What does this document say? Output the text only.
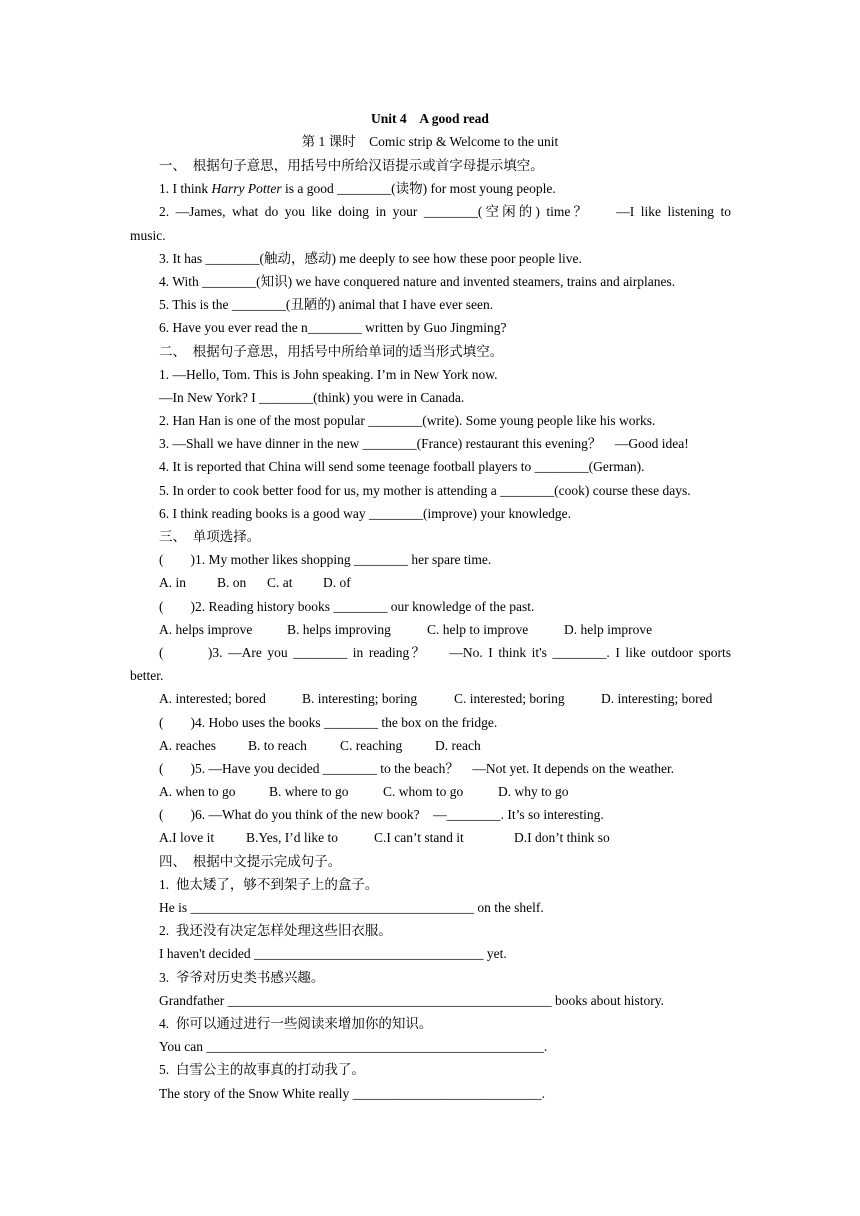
Unit 4    A good read
第 1 课时    Comic strip & Welcome to the unit
一、  根据句子意思，用括号中所给汉语提示或首字母提示填空。
1. I think Harry Potter is a good ________(读物) for most young people.
2. —James, what do you like doing in your ________(空闲的) time？    —I like listening to
music.
3. It has ________(触动，感动) me deeply to see how these poor people live.
4. With ________(知识) we have conquered nature and invented steamers, trains and airplanes.
5. This is the ________(丑陋的) animal that I have ever seen.
6. Have you ever read the n________ written by Guo Jingming?
二、  根据句子意思，用括号中所给单词的适当形式填空。
1. —Hello, Tom. This is John speaking. I’m in New York now.
—In New York? I ________(think) you were in Canada.
2. Han Han is one of the most popular ________(write). Some young people like his works.
3. —Shall we have dinner in the new ________(France) restaurant this evening？    —Good idea!
4. It is reported that China will send some teenage football players to ________(German).
5. In order to cook better food for us, my mother is attending a ________(cook) course these days.
6. I think reading books is a good way ________(improve) your knowledge.
三、  单项选择。
(        )1. My mother likes shopping ________ her spare time.
A. in	B. on	C. at	D. of
(        )2. Reading history books ________ our knowledge of the past.
A. helps improve	B. helps improving	C. help to improve	D. help improve
(        )3. —Are you ________ in reading？    —No. I think it's ________. I like outdoor sports
better.
A. interested; bored	B. interesting; boring	C. interested; boring	D. interesting; bored
(        )4. Hobo uses the books ________ the box on the fridge.
A. reaches	B. to reach	C. reaching	D. reach
(        )5. —Have you decided ________ to the beach？    —Not yet. It depends on the weather.
A. when to go	B. where to go	C. whom to go	D. why to go
(        )6. —What do you think of the new book?    —________. It’s so interesting.
A.I love it	B.Yes, I’d like to	C.I can’t stand it	D.I don’t think so
四、  根据中文提示完成句子。
1.  他太矮了，够不到架子上的盒子。
He is __________________________________________ on the shelf.
2.  我还没有决定怎样处理这些旧衣服。
I haven't decided __________________________________ yet.
3.  爷爷对历史类书感兴趣。
Grandfather ________________________________________________ books about history.
4.  你可以通过进行一些阅读来增加你的知识。
You can __________________________________________________.
5.  白雪公主的故事真的打动我了。
The story of the Snow White really ____________________________.
